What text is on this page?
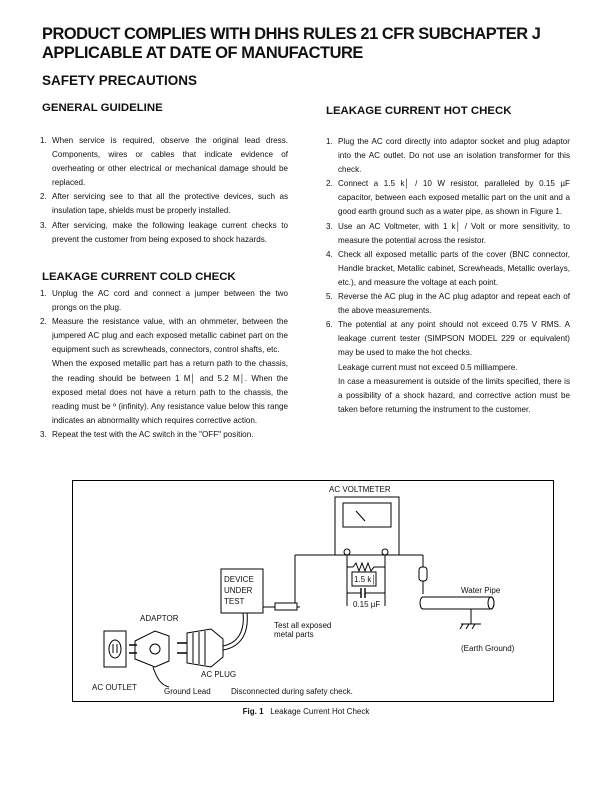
PRODUCT COMPLIES WITH DHHS RULES 21 CFR SUBCHAPTER J APPLICABLE AT DATE OF MANUFACTURE
SAFETY PRECAUTIONS
GENERAL GUIDELINE
1. When service is required, observe the original lead dress. Components, wires or cables that indicate evidence of overheating or other electrical or mechanical damage should be replaced.
2. After servicing see to that all the protective devices, such as insulation tape, shields must be properly installed.
3. After servicing, make the following leakage current checks to prevent the customer from being exposed to shock hazards.
LEAKAGE CURRENT COLD CHECK
1. Unplug the AC cord and connect a jumper between the two prongs on the plug.
2. Measure the resistance value, with an ohmmeter, between the jumpered AC plug and each exposed metallic cabinet part on the equipment such as screwheads, connectors, control shafts, etc.
When the exposed metallic part has a return path to the chassis, the reading should be between 1 M│ and 5.2 M│. When the exposed metal does not have a return path to the chassis, the reading must be º (infinity). Any resistance value below this range indicates an abnormality which requires corrective action.
3. Repeat the test with the AC switch in the "OFF" position.
LEAKAGE CURRENT HOT CHECK
1. Plug the AC cord directly into adaptor socket and plug adaptor into the AC outlet. Do not use an isolation transformer for this check.
2. Connect a 1.5 k│ / 10 W resistor, paralleled by 0.15 µF capacitor, between each exposed metallic part on the unit and a good earth ground such as a water pipe, as shown in Figure 1.
3. Use an AC Voltmeter, with 1 k│ / Volt or more sensitivity, to measure the potential across the resistor.
4. Check all exposed metallic parts of the cover (BNC connector, Handle bracket, Metallic cabinet, Screwheads, Metallic overlays, etc.), and measure the voltage at each point.
5. Reverse the AC plug in the AC plug adaptor and repeat each of the above measurements.
6. The potential at any point should not exceed 0.75 V RMS. A leakage current tester (SIMPSON MODEL 229 or equivalent) may be used to make the hot checks.
Leakage current must not exceed 0.5 milliampere.
In case a measurement is outside of the limits specified, there is a possibility of a shock hazard, and corrective action must be taken before returning the instrument to the customer.
AC VOLTMETER
1.5 k│
0.15 µF
DEVICE
UNDER
TEST
Test all exposed
metal parts
Water Pipe
(Earth Ground)
AC OUTLET
ADAPTOR
AC PLUG
Ground Lead	Disconnected during safety check.
Fig. 1 Leakage Current Hot Check
